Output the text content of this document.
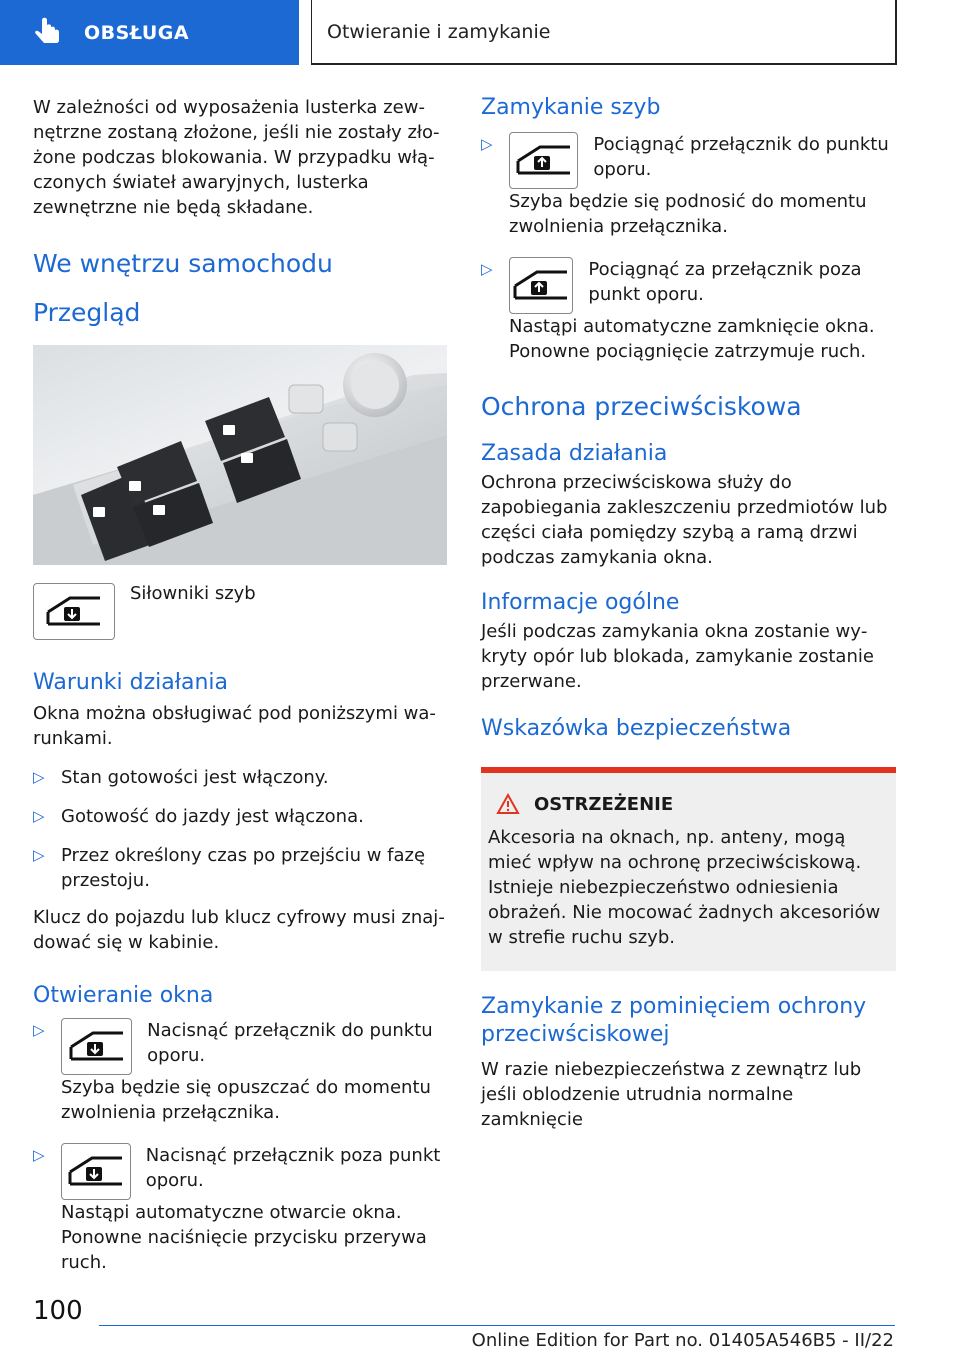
OBSŁUGA	Otwieranie i zamykanie

W zależności od wyposażenia lusterka zewnętrzne zostaną złożone, jeśli nie zostały złożone podczas blokowania. W przypadku włączonych świateł awaryjnych, lusterka zewnętrzne nie będą składane.

We wnętrzu samochodu
Przegląd

Siłowniki szyb

Warunki działania

Okna można obsługiwać pod poniższymi warunkami.

▷ Stan gotowości jest włączony.
▷ Gotowość do jazdy jest włączona.
▷ Przez określony czas po przejściu w fazę przestoju.

Klucz do pojazdu lub klucz cyfrowy musi znajdować się w kabinie.

Otwieranie okna
▷	Nacisnąć przełącznik do punktu oporu.

Szyba będzie się opuszczać do momentu zwolnienia przełącznika.

▷	Nacisnąć przełącznik poza punkt oporu.

Nastąpi automatyczne otwarcie okna. Ponowne naciśnięcie przycisku przerywa ruch.

Zamykanie szyb
▷	Pociągnąć przełącznik do punktu oporu.

Szyba będzie się podnosić do momentu zwolnienia przełącznika.

▷	Pociągnąć za przełącznik poza punkt oporu.

Nastąpi automatyczne zamknięcie okna. Ponowne pociągnięcie zatrzymuje ruch.

Ochrona przeciwściskowa
Zasada działania

Ochrona przeciwściskowa służy do zapobiegania zakleszczeniu przedmiotów lub części ciała pomiędzy szybą a ramą drzwi podczas zamykania okna.

Informacje ogólne

Jeśli podczas zamykania okna zostanie wykryty opór lub blokada, zamykanie zostanie przerwane.

Wskazówka bezpieczeństwa
OSTRZEŻENIE

Akcesoria na oknach, np. anteny, mogą mieć wpływ na ochronę przeciwściskową. Istnieje niebezpieczeństwo odniesienia obrażeń. Nie mocować żadnych akcesoriów w strefie ruchu szyb.

Zamykanie z pominięciem ochrony przeciwściskowej

W razie niebezpieczeństwa z zewnątrz lub jeśli oblodzenie utrudnia normalne zamknięcie

100
Online Edition for Part no. 01405A546B5 - II/22
